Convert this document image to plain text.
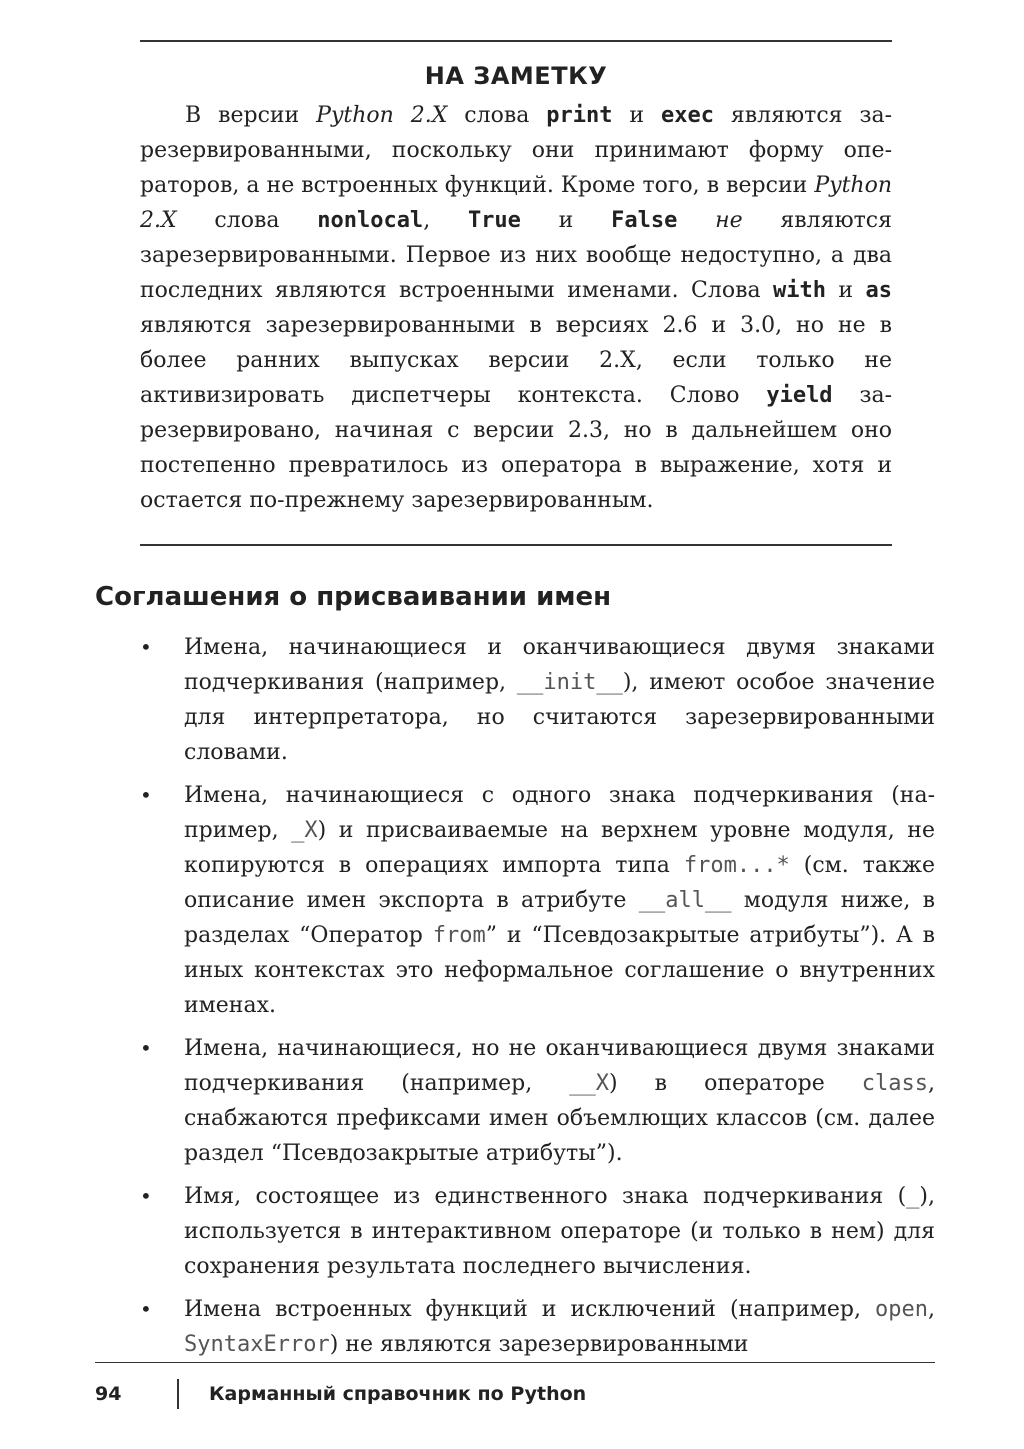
НА ЗАМЕТКУ

В версии Python 2.X слова print и exec являются зарезервированными, поскольку они принимают форму операторов, а не встроенных функций. Кроме того, в версии Python 2.X слова nonlocal, True и False не являются зарезервированными. Первое из них вообще недоступно, а два последних являются встроенными именами. Слова with и as являются зарезервированными в версиях 2.6 и 3.0, но не в более ранних выпусках версии 2.X, если только не активизировать диспетчеры контекста. Слово yield зарезервировано, начиная с версии 2.3, но в дальнейшем оно постепенно превратилось из оператора в выражение, хотя и остается по-прежнему зарезервированным.

Соглашения о присваивании имен
• Имена, начинающиеся и оканчивающиеся двумя знаками подчеркивания (например, __init__), имеют особое значение для интерпретатора, но считаются зарезервированными словами.
• Имена, начинающиеся с одного знака подчеркивания (например, _X) и присваиваемые на верхнем уровне модуля, не копируются в операциях импорта типа from...* (см. также описание имен экспорта в атрибуте __all__ модуля ниже, в разделах “Оператор from” и “Псевдозакрытые атрибуты”). А в иных контекстах это неформальное соглашение о внутренних именах.
• Имена, начинающиеся, но не оканчивающиеся двумя знаками подчеркивания (например, __X) в операторе class, снабжаются префиксами имен объемлющих классов (см. далее раздел “Псевдозакрытые атрибуты”).
• Имя, состоящее из единственного знака подчеркивания (_), используется в интерактивном операторе (и только в нем) для сохранения результата последнего вычисления.
• Имена встроенных функций и исключений (например, open, SyntaxError) не являются зарезервированными
94	Карманный справочник по Python
